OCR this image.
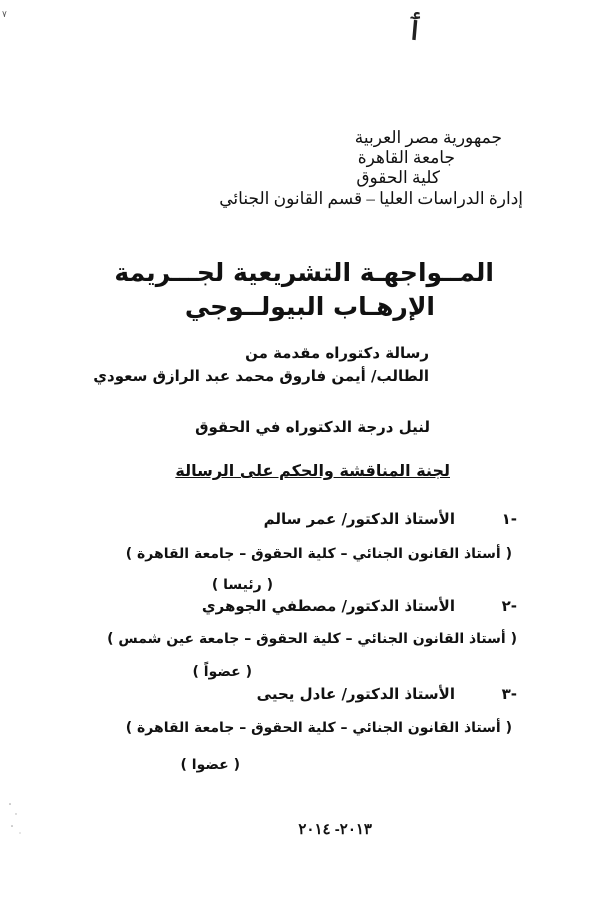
٧	ٲ
جمهورية مصر العربية
جامعة القاهرة
كلية الحقوق
إدارة الدراسات العليا – قسم القانون الجنائي
المــواجهـة التشريعية لجـــريمة
الإرهـاب البيولــوجي
رسالة دكتوراه مقدمة من
الطالب/ أيمن فاروق محمد عبد الرازق سعودي
لنيل درجة الدكتوراه في الحقوق
لجنة المناقشة والحكم على الرسالة
١-
الأستاذ الدكتور/ عمر سالم
( أستاذ القانون الجنائي – كلية الحقوق – جامعة القاهرة )
( رئيسا )
٢-
الأستاذ الدكتور/ مصطفي الجوهري
( أستاذ القانون الجنائي – كلية الحقوق – جامعة عين شمس )
( عضواً )
٣-
الأستاذ الدكتور/ عادل يحيى
( أستاذ القانون الجنائي – كلية الحقوق – جامعة القاهرة )
( عضوا )
٢٠١٣- ٢٠١٤
